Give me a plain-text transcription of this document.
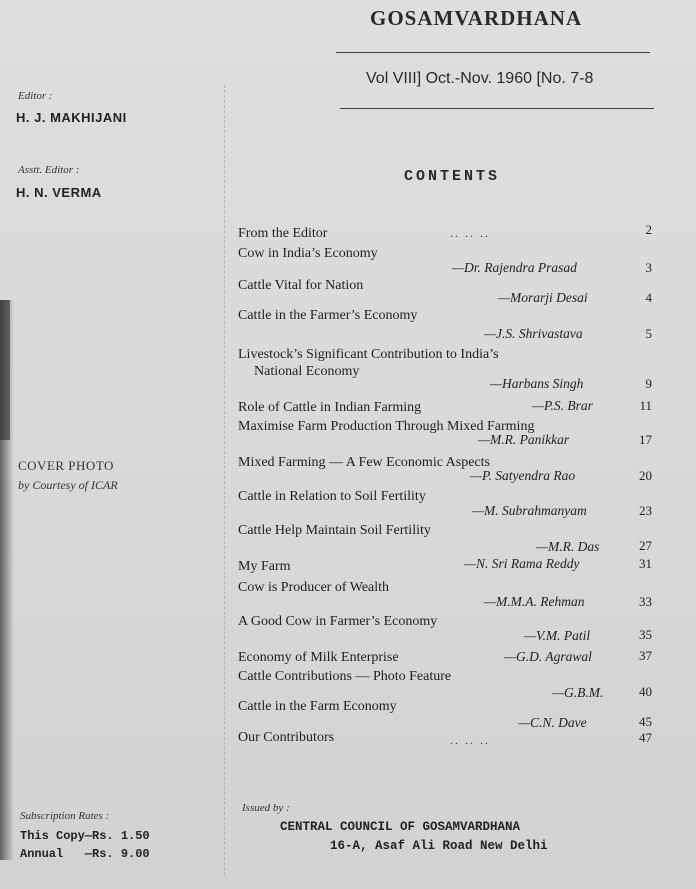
GOSAMVARDHANA
Vol VIII] Oct.-Nov. 1960 [No. 7-8
Editor :
H. J. MAKHIJANI
Asstt. Editor :
H. N. VERMA
COVER PHOTO
by Courtesy of ICAR
CONTENTS
From the Editor	.. .. ..	2
Cow in India’s Economy
—Dr. Rajendra Prasad	3
Cattle Vital for Nation
—Morarji Desai	4
Cattle in the Farmer’s Economy
—J.S. Shrivastava	5
Livestock’s Significant Contribution to India’s
National Economy
—Harbans Singh	9
Role of Cattle in Indian Farming	—P.S. Brar	11
Maximise Farm Production Through Mixed Farming
—M.R. Panikkar	17
Mixed Farming — A Few Economic Aspects
—P. Satyendra Rao	20
Cattle in Relation to Soil Fertility
—M. Subrahmanyam	23
Cattle Help Maintain Soil Fertility
—M.R. Das	27
My Farm	—N. Sri Rama Reddy	31
Cow is Producer of Wealth
—M.M.A. Rehman	33
A Good Cow in Farmer’s Economy
—V.M. Patil	35
Economy of Milk Enterprise	—G.D. Agrawal	37
Cattle Contributions — Photo Feature
—G.B.M.	40
Cattle in the Farm Economy
—C.N. Dave	45
Our Contributors	.. .. ..	47
Issued by :
CENTRAL COUNCIL OF GOSAMVARDHANA
16-A, Asaf Ali Road New Delhi
Subscription Rates :
This Copy—Rs. 1.50
Annual   —Rs. 9.00
